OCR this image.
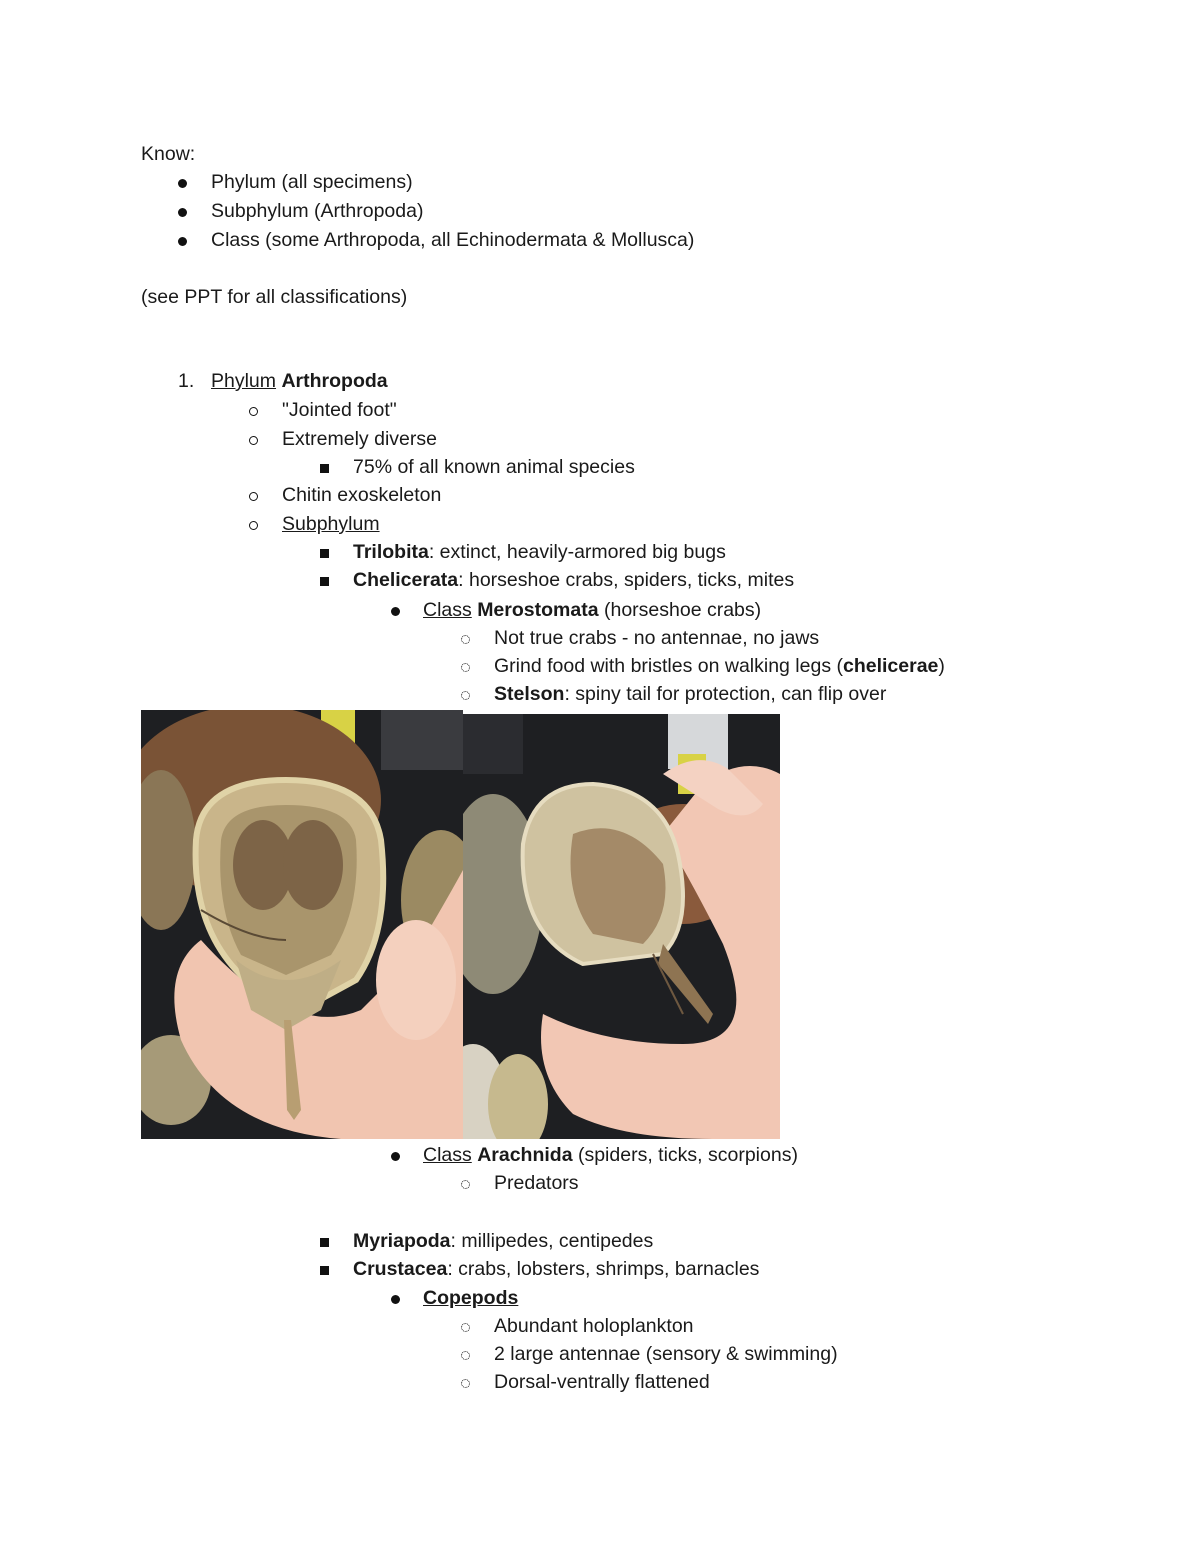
Know:
Phylum (all specimens)
Subphylum (Arthropoda)
Class (some Arthropoda, all Echinodermata & Mollusca)
(see PPT for all classifications)
1. Phylum Arthropoda
"Jointed foot"
Extremely diverse
75% of all known animal species
Chitin exoskeleton
Subphylum
Trilobita: extinct, heavily-armored big bugs
Chelicerata: horseshoe crabs, spiders, ticks, mites
Class Merostomata (horseshoe crabs)
Not true crabs - no antennae, no jaws
Grind food with bristles on walking legs (chelicerae)
Stelson: spiny tail for protection, can flip over
Class Arachnida (spiders, ticks, scorpions)
Predators
Myriapoda: millipedes, centipedes
Crustacea: crabs, lobsters, shrimps, barnacles
Copepods
Abundant holoplankton
2 large antennae (sensory & swimming)
Dorsal-ventrally flattened
